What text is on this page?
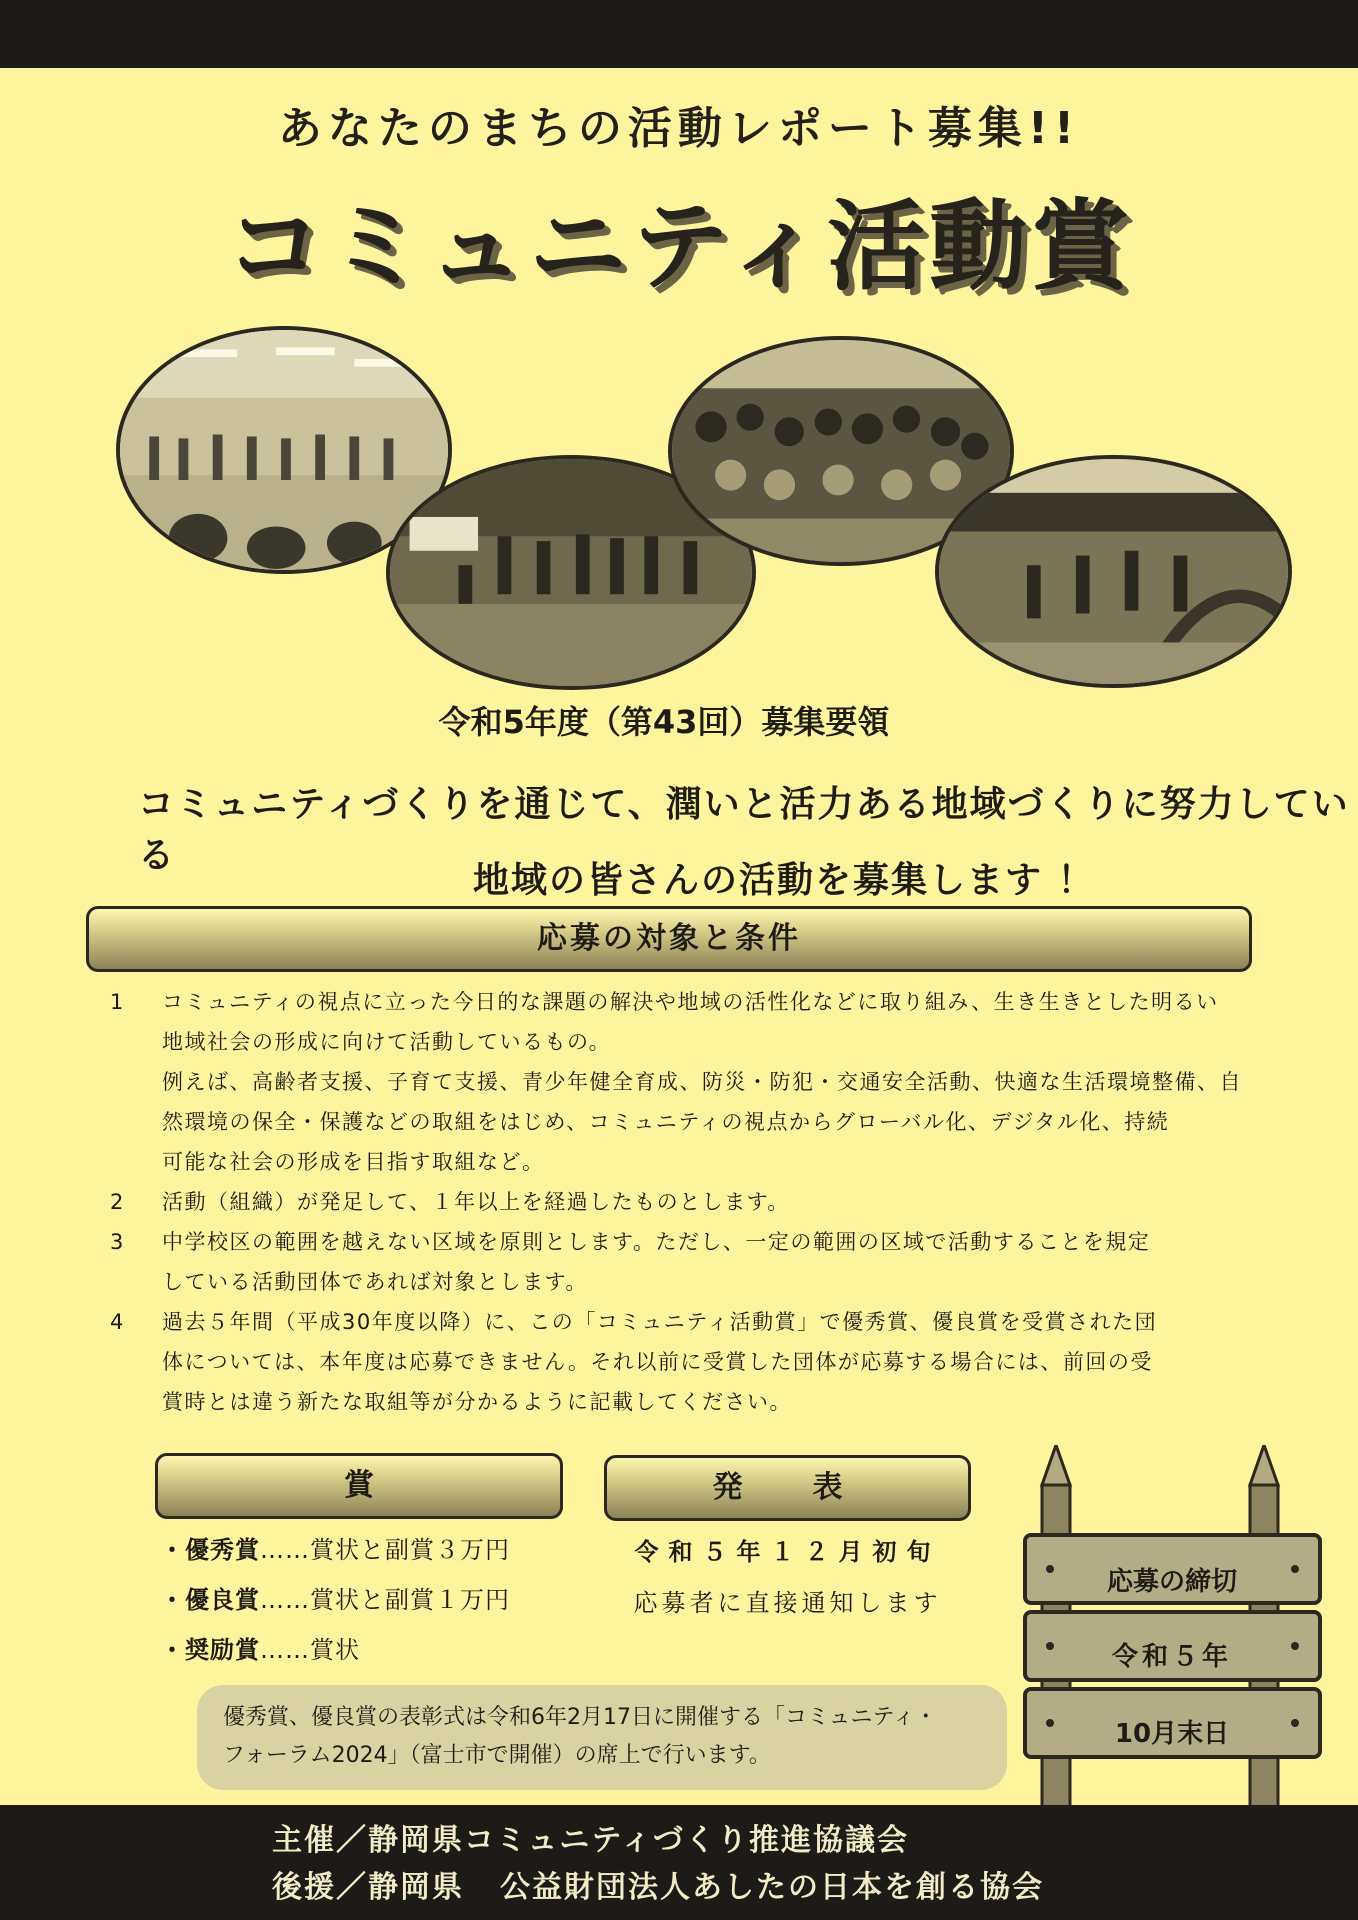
あなたのまちの活動レポート募集!!
コミュニティ活動賞
令和5年度（第43回）募集要領
コミュニティづくりを通じて、潤いと活力ある地域づくりに努力している
地域の皆さんの活動を募集します ！
応募の対象と条件
1	コミュニティの視点に立った今日的な課題の解決や地域の活性化などに取り組み、生き生きとした明るい

地域社会の形成に向けて活動しているもの。

例えば、高齢者支援、子育て支援、青少年健全育成、防災・防犯・交通安全活動、快適な生活環境整備、自

然環境の保全・保護などの取組をはじめ、コミュニティの視点からグローバル化、デジタル化、持続

可能な社会の形成を目指す取組など。

2	活動（組織）が発足して、１年以上を経過したものとします。

3	中学校区の範囲を越えない区域を原則とします。ただし、一定の範囲の区域で活動することを規定

している活動団体であれば対象とします。

4	過去５年間（平成30年度以降）に、この「コミュニティ活動賞」で優秀賞、優良賞を受賞された団

体については、本年度は応募できません。それ以前に受賞した団体が応募する場合には、前回の受

賞時とは違う新たな取組等が分かるように記載してください。

賞	発　表
・優秀賞……賞状と副賞３万円
・優良賞……賞状と副賞１万円
・奨励賞……賞状
令和５年１２月初旬
応募者に直接通知します
優秀賞、優良賞の表彰式は令和6年2月17日に開催する「コミュニティ・
フォーラム2024」（富士市で開催）の席上で行います。
応募の締切
令和５年
10月末日
主催／静岡県コミュニティづくり推進協議会
後援／静岡県 公益財団法人あしたの日本を創る協会
